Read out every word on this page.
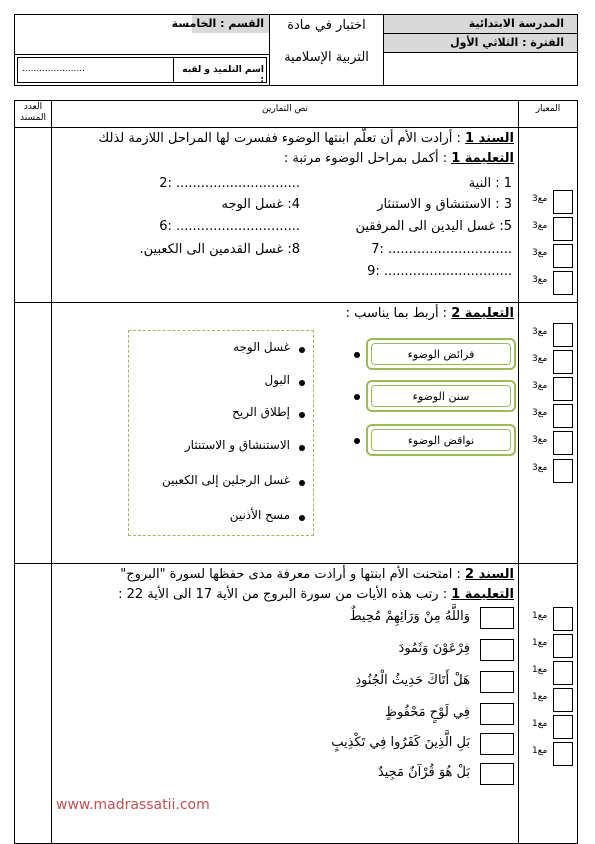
المدرسة الابتدائية
الفترة : الثلاثي الأول
اختبار في مادة
التربية الإسلامية
القسم : الخامسة
اسم التلميذ و لقبه :
......................
المعيار
نص التمارين
العدد المسند
السند 1 : أرادت الأم أن تعلّم ابنتها الوضوء ففسرت لها المراحل اللازمة لذلك
التعليمة 1 : أكمل بمراحل الوضوء مرتبة :
1 : النية
2: ..............................
3 : الاستنشاق و الاستنثار
4: غسل الوجه
5: غسل اليدين الى المرفقين
6: ..............................
7: ..............................
8: غسل القدمين الى الكعبين.
9: ...............................
مع3
مع3
مع3
مع3
التعليمة 2 : أربط بما يناسب :
غسل الوجه
البول
إطلاق الريح
الاستنشاق و الاستنثار
غسل الرجلين إلى الكعبين
مسح الأذنين
فرائض الوضوء
سنن الوضوء
نواقض الوضوء
مع3
مع3
مع3
مع3
مع3
مع3
السند 2 : امتحنت الأم ابنتها و أرادت معرفة مدى حفظها لسورة "البروج"
التعليمة 1 : رتب هذه الأيات من سورة البروج من الأية 17 الى الأية 22 :
وَاللَّهُ مِنْ وَرَائِهِمْ مُحِيطٌ
فِرْعَوْنَ وَثَمُودَ
هَلْ أَتَاكَ حَدِيثُ الْجُنُودِ
فِي لَوْحٍ مَحْفُوظٍ
بَلِ الَّذِينَ كَفَرُوا فِي تَكْذِيبٍ
بَلْ هُوَ قُرْآنٌ مَجِيدٌ
مع1
مع1
مع1
مع1
مع1
مع1
www.madrassatii.com
